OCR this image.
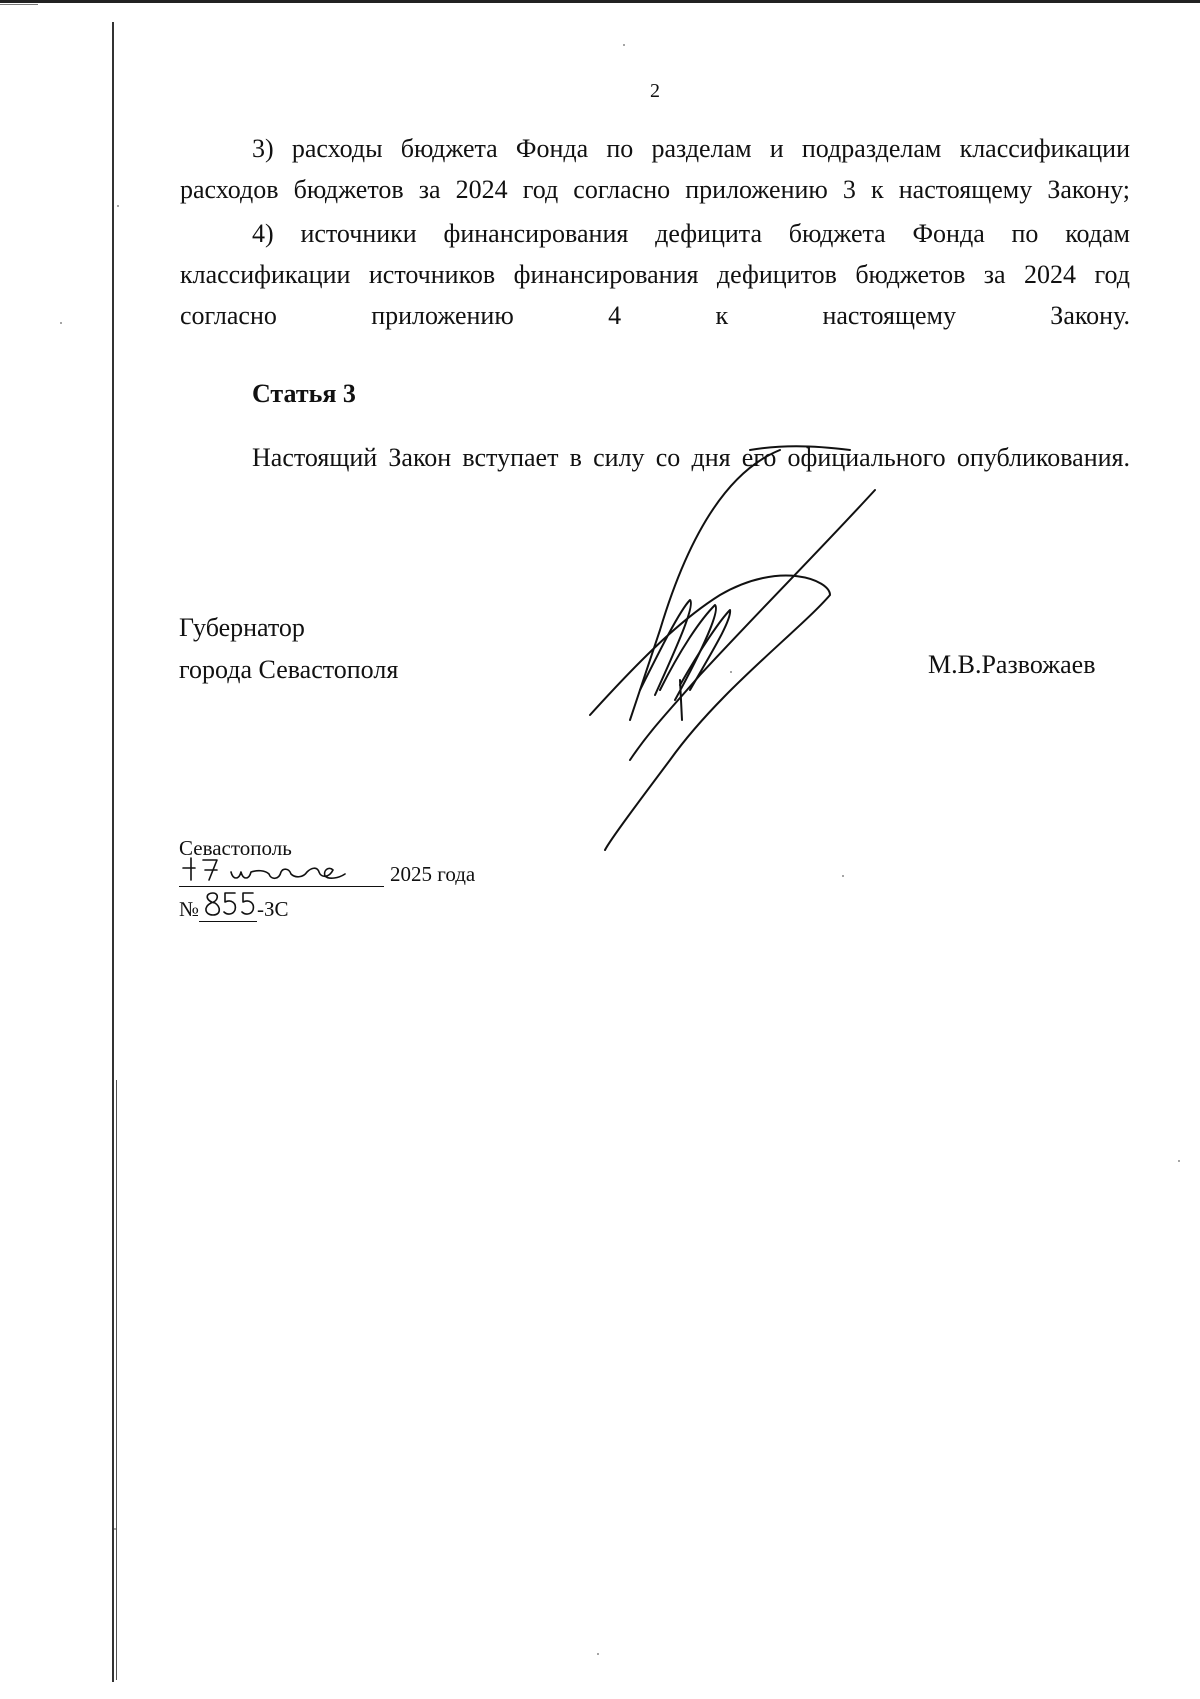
2
3) расходы бюджета Фонда по разделам и подразделам классификации расходов бюджетов за 2024 год согласно приложению 3 к настоящему Закону;
4) источники финансирования дефицита бюджета Фонда по кодам классификации источников финансирования дефицитов бюджетов за 2024 год согласно приложению 4 к настоящему Закону.
Статья 3
Настоящий Закон вступает в силу со дня его официального опубликования.
Губернатор
города Севастополя	М.В.Развожаев
Севастополь
2025 года
№	-ЗС
